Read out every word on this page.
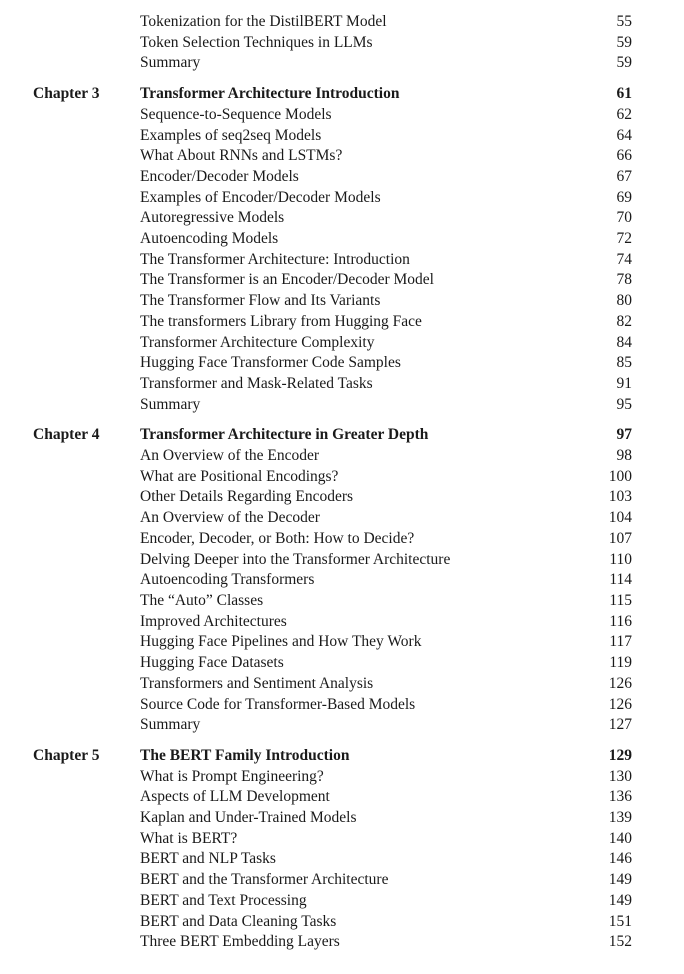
Tokenization for the DistilBERT Model	55
Token Selection Techniques in LLMs	59
Summary	59
Chapter 3	Transformer Architecture Introduction	61
Sequence-to-Sequence Models	62
Examples of seq2seq Models	64
What About RNNs and LSTMs?	66
Encoder/Decoder Models	67
Examples of Encoder/Decoder Models	69
Autoregressive Models	70
Autoencoding Models	72
The Transformer Architecture: Introduction	74
The Transformer is an Encoder/Decoder Model	78
The Transformer Flow and Its Variants	80
The transformers Library from Hugging Face	82
Transformer Architecture Complexity	84
Hugging Face Transformer Code Samples	85
Transformer and Mask-Related Tasks	91
Summary	95
Chapter 4	Transformer Architecture in Greater Depth	97
An Overview of the Encoder	98
What are Positional Encodings?	100
Other Details Regarding Encoders	103
An Overview of the Decoder	104
Encoder, Decoder, or Both: How to Decide?	107
Delving Deeper into the Transformer Architecture	110
Autoencoding Transformers	114
The “Auto” Classes	115
Improved Architectures	116
Hugging Face Pipelines and How They Work	117
Hugging Face Datasets	119
Transformers and Sentiment Analysis	126
Source Code for Transformer-Based Models	126
Summary	127
Chapter 5	The BERT Family Introduction	129
What is Prompt Engineering?	130
Aspects of LLM Development	136
Kaplan and Under-Trained Models	139
What is BERT?	140
BERT and NLP Tasks	146
BERT and the Transformer Architecture	149
BERT and Text Processing	149
BERT and Data Cleaning Tasks	151
Three BERT Embedding Layers	152
